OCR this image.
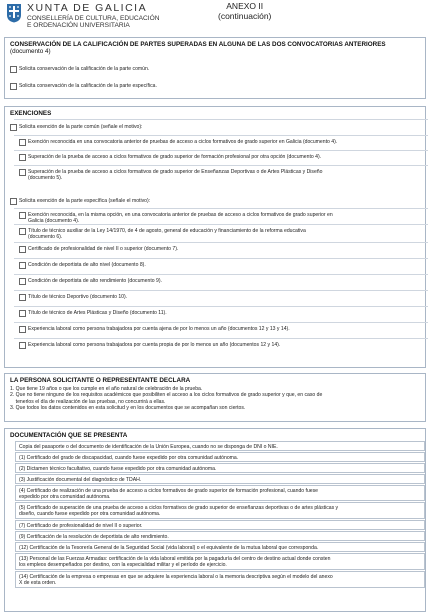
XUNTA DE GALICIA
CONSELLERÍA DE CULTURA, EDUCACIÓN
E ORDENACIÓN UNIVERSITARIA
ANEXO II
(continuación)
CONSERVACIÓN DE LA CALIFICACIÓN DE PARTES SUPERADAS EN ALGUNA DE LAS DOS CONVOCATORIAS ANTERIORES
(documento 4)
Solicita conservación de la calificación de la parte común.
Solicita conservación de la calificación de la parte específica.
EXENCIONES
Solicita exención de la parte común (señale el motivo):
Exención reconocida en una convocatoria anterior de pruebas de acceso a ciclos formativos de grado superior en Galicia (documento 4).
Superación de la prueba de acceso a ciclos formativos de grado superior de formación profesional por otra opción (documento 4).
Superación de la prueba de acceso a ciclos formativos de grado superior de Enseñanzas Deportivas o de Artes Plásticas y Diseño
(documento 5).
Solicita exención de la parte específica (señale el motivo):
Exención reconocida, en la misma opción, en una convocatoria anterior de pruebas de acceso a ciclos formativos de grado superior en
Galicia (documento 4).
Título de técnico auxiliar de la Ley 14/1970, de 4 de agosto, general de educación y financiamiento de la reforma educativa
(documento 6).
Certificado de profesionalidad de nivel II o superior (documento 7).
Condición de deportista de alto nivel (documento 8).
Condición de deportista de alto rendimiento (documento 9).
Título de técnico Deportivo (documento 10).
Título de técnico de Artes Plásticas y Diseño (documento 11).
Experiencia laboral como persona trabajadora por cuenta ajena de por lo menos un año (documentos 12 y 13 y 14).
Experiencia laboral como persona trabajadora por cuenta propia de por lo menos un año (documentos 12 y 14).
LA PERSONA SOLICITANTE O REPRESENTANTE DECLARA
1. Que tiene 19 años o que los cumple en el año natural de celebración de la prueba.
2. Que no tiene ninguno de los requisitos académicos que posibiliten el acceso a los ciclos formativos de grado superior y que, en caso de
tenerlos el día de realización de las pruebas, no concurrirá a ellas.
3. Que todos los datos contenidos en esta solicitud y en los documentos que se acompañan son ciertos.
DOCUMENTACIÓN QUE SE PRESENTA
Copia del pasaporte o del documento de identificación de la Unión Europea, cuando no se disponga de DNI o NIE.
(1) Certificado del grado de discapacidad, cuando fuese expedido por otra comunidad autónoma.
(2) Dictamen técnico facultativo, cuando fuese expedido por otra comunidad autónoma.
(3) Justificación documental del diagnóstico de TDAH.
(4) Certificado de realización de una prueba de acceso a ciclos formativos de grado superior de formación profesional, cuando fuese
expedido por otra comunidad autónoma.
(5) Certificado de superación de una prueba de acceso a ciclos formativos de grado superior de enseñanzas deportivas o de artes plásticas y
diseño, cuando fuese expedido por otra comunidad autónoma.
(7) Certificado de profesionalidad de nivel II o superior.
(9) Certificación de la resolución de deportista de alto rendimiento.
(12) Certificación de la Tesorería General de la Seguridad Social (vida laboral) o el equivalente de la mutua laboral que corresponda.
(13) Personal de las Fuerzas Armadas: certificación de la vida laboral emitida por la pagaduría del centro de destino actual donde consten
los empleos desempeñados por destino, con la especialidad militar y el período de ejercicio.
(14) Certificación de la empresa o empresas en que se adquiere la experiencia laboral o la memoria descriptiva según el modelo del anexo
X de esta orden.
